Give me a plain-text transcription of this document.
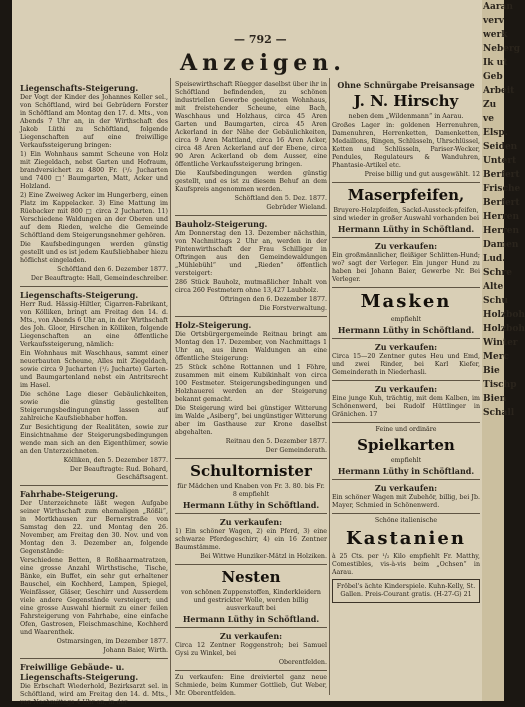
— 792 —
Anzeigen.
Liegenschafts-Steigerung.
Der Vogt der Kinder des Johannes Keller sel., von Schöftland, wird bei Gebrüdern Forster in Schöftland am Montag den 17. d. Mts., von Abends 7 Uhr an, in der Wirthschaft des Jakob Lüthi zu Schöftland, folgende Liegenschaften auf eine freiwillige Verkaufssteigerung bringen:
1) Ein Wohnhaus sammt Scheune von Holz mit Ziegeldach, nebst Garten und Hofraum, brandversichert zu 4800 Fr. (¹/₂ Jucharten und 7400 □' Baumgarten, Matt, Acker und Holzland.
2) Eine Zweiweg Acker im Hungerberg, einen Platz im Kappelacker. 3) Eine Mattung im Rüebacker mit 800 □ circa 2 Jucharten. 11) Verschiedene Waldungen an der Oberen und auf dem Rieden, welche die Gemeinde Schöftland dem Steigerungsnehmer gehören.
Die Kaufsbedingungen werden günstig gestellt und es ist jedem Kaufsliebhaber hiezu höflichst eingeladen.
Schöftland den 6. Dezember 1877.
Der Beauftragte: Hall, Gemeindeschreiber.
Liegenschafts-Steigerung.
Herr Rud. Hässig-Hiltler, Cigarren-Fabrikant, von Kölliken, bringt am Freitag den 14. d. Mts., von Abends 6 Uhr an, in der Wirthschaft des Joh. Gloor, Hirschen in Kölliken, folgende Liegenschaften an eine öffentliche Verkaufssteigerung, nämlich:
Ein Wohnhaus mit Waschhaus, sammt einer neuerbauten Scheune, Alles mit Ziegeldach, sowie circa 9 Jucharten (¹/₂ Jucharte) Garten- und Baumgartenland nebst ein Antritsrecht im Hasel.
Die schöne Lage dieser Gebäulichkeiten, sowie die günstig gestellten Steigerungsbedingungen lassen auf zahlreiche Kaufsliebhaber hoffen.
Zur Besichtigung der Realitäten, sowie zur Einsichtnahme der Steigerungsbedingungen wende man sich an den Eigenthümer, sowie an den Unterzeichneten.
Kölliken, den 5. Dezember 1877.
Der Beauftragte: Rud. Bohard, Geschäftsagent.
Fahrhabe-Steigerung.
Der Unterzeichnete läßt wegen Aufgabe seiner Wirthschaft zum ehemaligen „Rößli“, in Mortkhausen zur Bernerstraße von Samstag den 22. und Montag den 26. November, am Freitag den 30. Nov. und von Montag den 3. Dezember an, folgende Gegenstände:
Verschiedene Betten, 8 Roßhaarmatratzen, eine grosse Anzahl Wirthstische, Tische, Bänke, ein Buffet, ein sehr gut erhaltener Bauschel, ein Kochherd, Lampen, Spiegel, Weinfässer, Gläser, Geschirr und Ausserdem viele andere Gegenstände versteigert; und eine grosse Auswahl hiermit zu einer feilen Fahrsteigerung von Fahrhabe, eine einfache Ofen, Gastrosen, Fleischmaschine, Kochherd und Waarenthek.
Ostmarsingen, im Dezember 1877.
Johann Baier, Wirth.
Freiwillige Gebäude- u. Liegenschafts-Steigerung.
Die Erbschaft Wiederhold, Bezirksarzt sel. in Schöftland, wird am Freitag den 14. d. Mts., von Nachmittags 4 Uhr an, in der
Speisewirthschaft Rüegger daselbst über ihr in Schöftland befindenden, zu schönen industriellen Gewerbe geeigneten Wohnhaus, mit freistehender Scheune, eine Bach, Waschhaus und Holzhaus, circa 45 Aren Garten und Baumgarten, circa 45 Aren Ackerland in der Nähe der Gebäulichkeiten, circa 9 Aren Mattland, circa 16 Aren Acker, circa 48 Aren Ackerland auf der Ebene, circa 90 Aren Ackerland ob dem Ausser, eine öffentliche Verkaufssteigerung bringen.
Die Kaufsbedingungen werden günstig gestellt, und es ist zu diesem Behuf an dem Kaufspreis angenommen werden.
Schöftland den 5. Dez. 1877.
Gebrüder Wieland.
Bauholz-Steigerung.
Am Donnerstag den 13. Dezember nächsthin, von Nachmittags 2 Uhr an, werden in der Pintenwirthschaft der Frau Schilliger in Oftringen aus den Gemeindewaldungen „Mühlebühl“ und „Rieden“ öffentlich versteigert:
286 Stück Bauholz, mutmaßlicher Inhalt von circa 260 Festmetern ohne 13,427 Laubholz.
Oftringen den 6. Dezember 1877.
Die Forstverwaltung.
Holz-Steigerung.
Die Ortsbürgergemeinde Reitnau bringt am Montag den 17. Dezember, von Nachmittags 1 Uhr an, aus ihren Waldungen an eine öffentliche Steigerung:
25 Stück schöne Rottannen und 1 Föhre, zusammen mit einem Kubikinhalt von circa 100 Festmeter. Steigerungsbedingungen und Holzhauerei werden an der Steigerung bekannt gemacht.
Die Steigerung wird bei günstiger Witterung im Walde „Asiberg“, bei ungünstiger Witterung aber im Gasthause zur Krone daselbst abgehalten.
Reitnau den 5. Dezember 1877.
Der Gemeinderath.
Schultornister
für Mädchen und Knaben von Fr. 3. 80. bis Fr. 8 empfiehlt
Hermann Lüthy in Schöftland.
Zu verkaufen:
1) Ein schöner Wagen, 2) ein Pferd, 3) eine schwarze Pferdegeschirr, 4) ein 16 Zentner Baumstämme.
Bei Wittwe Hunziker-Mätzl in Holziken.
Nesten
von schönen Zuppenstoffen, Kinderkleidern und gestrickter Wolle, werden billig ausverkauft bei
Hermann Lüthy in Schöftland.
Zu verkaufen:
Circa 12 Zentner Roggenstroh; bei Samuel Gysi zu Winkel, bei
Oberentfelden.
Zu verkaufen: Eine dreiviertel ganz neue Schmiede, beim Kummer Gottlieb, Gut Weber, Mr. Oberentfelden.
Ohne Schnürgabe Preisansage
J. N. Hirschy
neben dem „Wildenmann“ in Aarau.
Großes Lager in: goldenen Herrenuhren, Damenuhren, Herrenketten, Damenketten, Medaillons, Ringen, Schlüsseln, Uhrschlüssel, Ketten und Schlüsseln, Pariser-Wecker, Pendules, Regulateurs & Wanduhren, Phantasie-Artikel etc.
Preise billig und gut ausgewählt. 12
Maserpfeifen,
Bruyere-Holzpfeifen, Sackd-Aussteck-pfeifen, sind wieder in großer Auswahl vorhanden bei
Hermann Lüthy in Schöftland.
Zu verkaufen:
Ein großmännlicher, fleißiger Schlitten-Hund; wo? sagt der Verleger. Ein junger Hund zu haben bei Johann Baier, Gewerbe Nr. Bei Verleger.
Masken
empfiehlt
Hermann Lüthy in Schöftland.
Zu verkaufen:
Circa 15—20 Zentner gutes Heu und Emd, und zwei Rinder, bei Karl Kiefer, Gemeinderath in Niederhasli.
Zu verkaufen:
Eine junge Kuh, trächtig, mit dem Kalben, im Schönenwerd, bei Rudolf Hüttlinger in Gränichen. 17
Feine und ordinäre
Spielkarten
empfiehlt
Hermann Lüthy in Schöftland.
Zu verkaufen:
Ein schöner Wagen mit Zubehör, billig, bei Jb. Mayer, Schmied in Schönenwerd.
Schöne italienische
Kastanien
à 25 Cts. per ¹/₂ Kilo empfiehlt Fr. Matthy, Comestibles, vis-à-vis beim „Ochsen“ in Aarau.
Fröbel's ächte Kinderspiele. Kuhn-Kelly, St. Gallen. Preis-Courant gratis. (H-27-G) 21
Aaran
verv
werk
Neberg
Ik ut
Geb
Arbeit
Zu
ve
Elsp.
Seiden
Untert
Berfert
Frische
Berfert
Herren
Herren
Damen
Lud.
Schre
Alte
Schu
Holzboh
Holzboh
Winter
Merc
Bie
Tischp
Bien
Schall
